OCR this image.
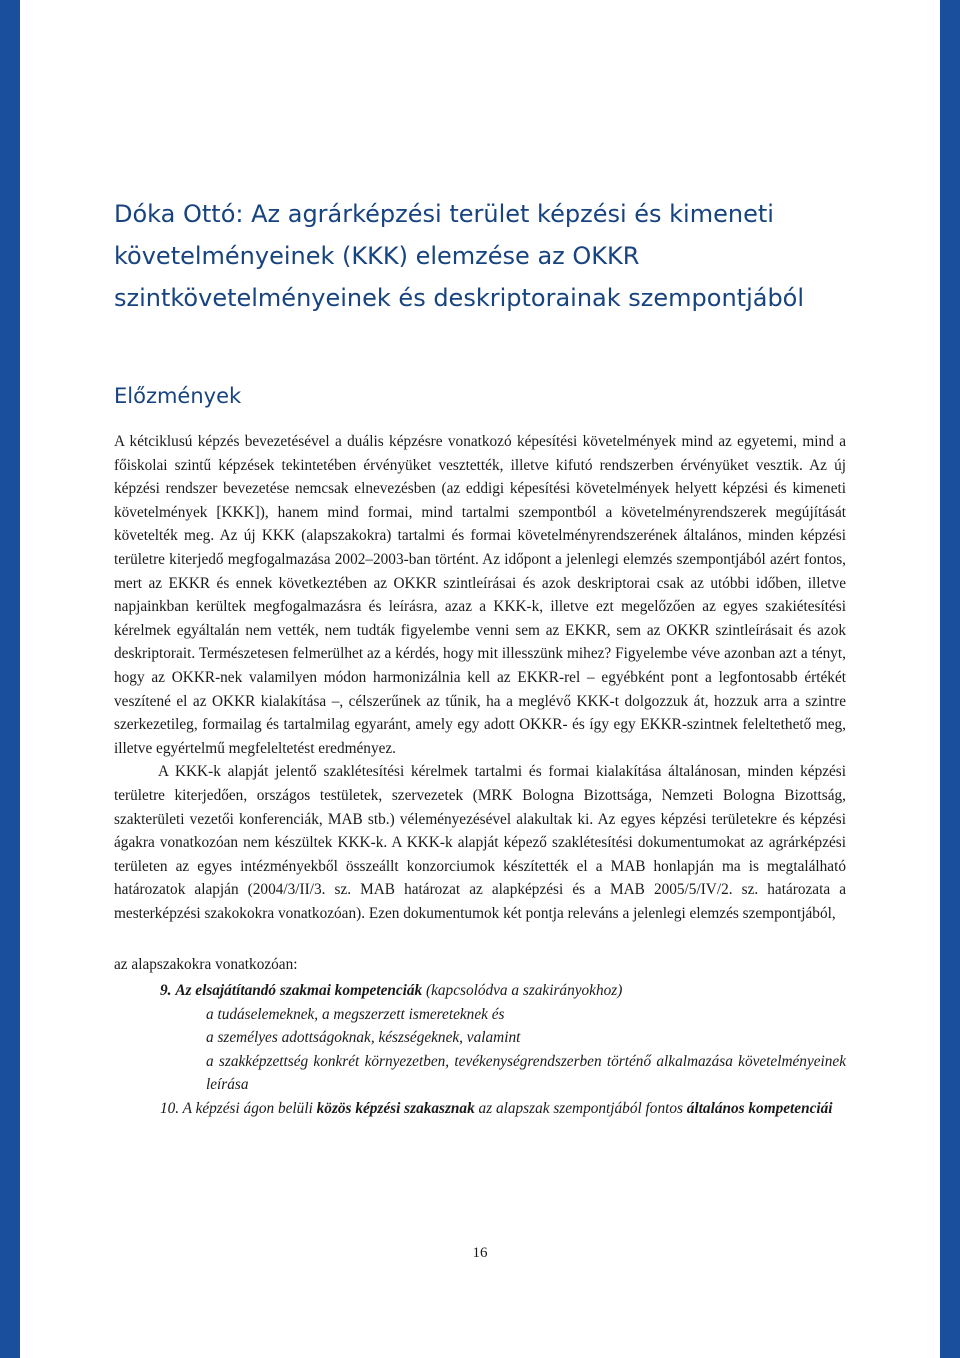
Dóka Ottó: Az agrárképzési terület képzési és kimeneti követelményeinek (KKK) elemzése az OKKR szintkövetelményeinek és deskriptorainak szempontjából
Előzmények

A kétciklusú képzés bevezetésével a duális képzésre vonatkozó képesítési követelmények mind az egyetemi, mind a főiskolai szintű képzések tekintetében érvényüket vesztették, illetve kifutó rendszerben érvényüket vesztik. Az új képzési rendszer bevezetése nemcsak elnevezésben (az eddigi képesítési követelmények helyett képzési és kimeneti követelmények [KKK]), hanem mind formai, mind tartalmi szempontból a követelményrendszerek megújítását követelték meg. Az új KKK (alapszakokra) tartalmi és formai követelményrendszerének általános, minden képzési területre kiterjedő megfogalmazása 2002–2003-ban történt. Az időpont a jelenlegi elemzés szempontjából azért fontos, mert az EKKR és ennek következtében az OKKR szintleírásai és azok deskriptorai csak az utóbbi időben, illetve napjainkban kerültek megfogalmazásra és leírásra, azaz a KKK-k, illetve ezt megelőzően az egyes szakiétesítési kérelmek egyáltalán nem vették, nem tudták figyelembe venni sem az EKKR, sem az OKKR szintleírásait és azok deskriptorait. Természetesen felmerülhet az a kérdés, hogy mit illesszünk mihez? Figyelembe véve azonban azt a tényt, hogy az OKKR-nek valamilyen módon harmonizálnia kell az EKKR-rel – egyébként pont a legfontosabb értékét veszítené el az OKKR kialakítása –, célszerűnek az tűnik, ha a meglévő KKK-t dolgozzuk át, hozzuk arra a szintre szerkezetileg, formailag és tartalmilag egyaránt, amely egy adott OKKR- és így egy EKKR-szintnek feleltethető meg, illetve egyértelmű megfeleltetést eredményez.

A KKK-k alapját jelentő szaklétesítési kérelmek tartalmi és formai kialakítása általánosan, minden képzési területre kiterjedően, országos testületek, szervezetek (MRK Bologna Bizottsága, Nemzeti Bologna Bizottság, szakterületi vezetői konferenciák, MAB stb.) véleményezésével alakultak ki. Az egyes képzési területekre és képzési ágakra vonatkozóan nem készültek KKK-k. A KKK-k alapját képező szaklétesítési dokumentumokat az agrárképzési területen az egyes intézményekből összeállt konzorciumok készítették el a MAB honlapján ma is megtalálható határozatok alapján (2004/3/II/3. sz. MAB határozat az alapképzési és a MAB 2005/5/IV/2. sz. határozata a mesterképzési szakokokra vonatkozóan). Ezen dokumentumok két pontja releváns a jelenlegi elemzés szempontjából,

az alapszakokra vonatkozóan:

9. Az elsajátítandó szakmai kompetenciák (kapcsolódva a szakirányokhoz)
a tudáselemeknek, a megszerzett ismereteknek és
a személyes adottságoknak, készségeknek, valamint
a szakképzettség konkrét környezetben, tevékenységrendszerben történő alkalmazása követelményeinek leírása
10. A képzési ágon belüli közös képzési szakasznak az alapszak szempontjából fontos általános kompetenciái
16
